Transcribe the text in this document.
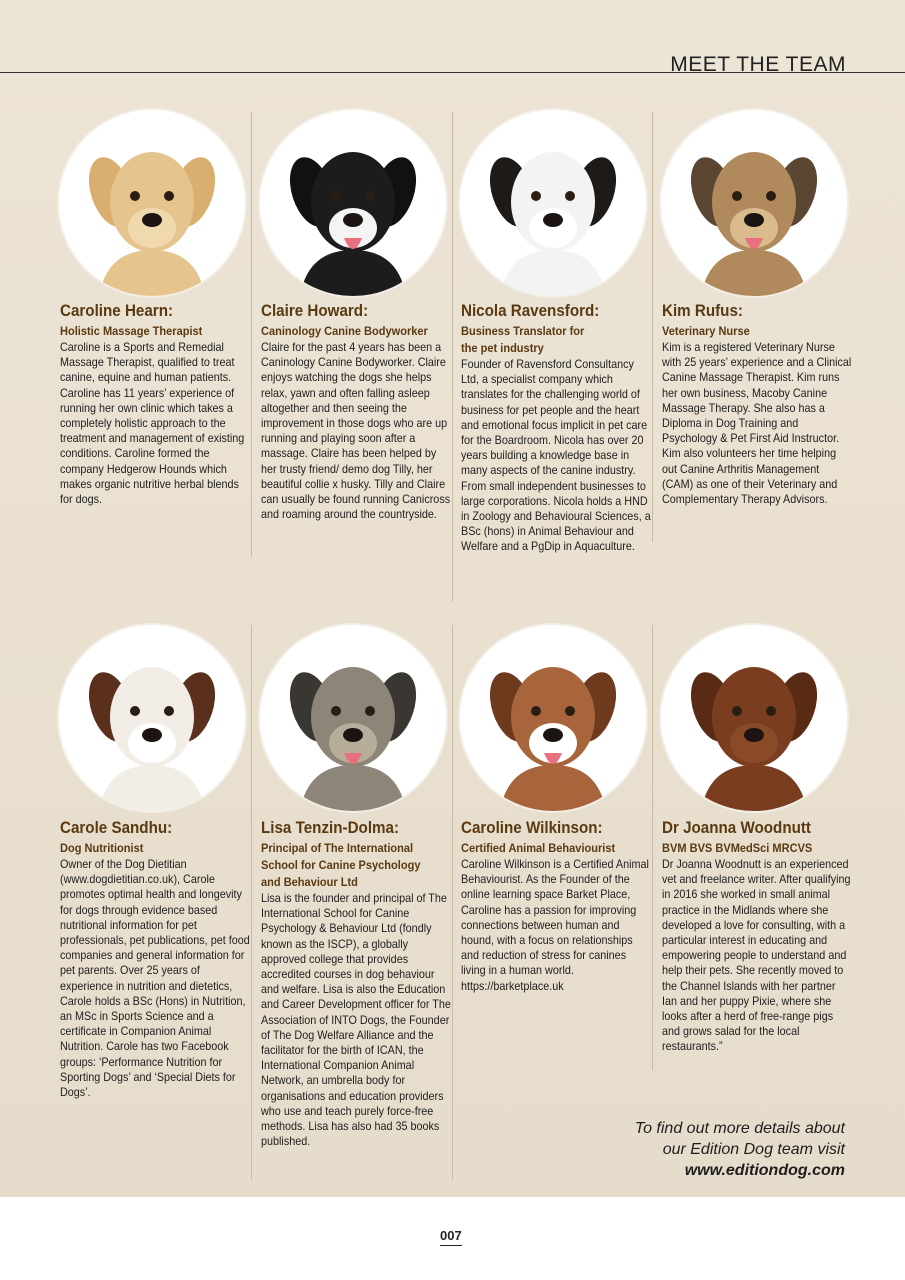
MEET THE TEAM
Caroline Hearn:
Holistic Massage Therapist
Caroline is a Sports and Remedial Massage Therapist, qualified to treat canine, equine and human patients. Caroline has 11 years’ experience of running her own clinic which takes a completely holistic approach to the treatment and management of existing conditions. Caroline formed the company Hedgerow Hounds which makes organic nutritive herbal blends for dogs.
Claire Howard:
Caninology Canine Bodyworker
Claire for the past 4 years has been a Caninology Canine Bodyworker. Claire enjoys watching the dogs she helps relax, yawn and often falling asleep altogether and then seeing the improvement in those dogs who are up running and playing soon after a massage. Claire has been helped by her trusty friend/ demo dog Tilly, her beautiful collie x husky. Tilly and Claire can usually be found running Canicross and roaming around the countryside.
Nicola Ravensford:
Business Translator for the pet industry
Founder of Ravensford Consultancy Ltd, a specialist company which translates for the challenging world of business for pet people and the heart and emotional focus implicit in pet care for the Boardroom. Nicola has over 20 years building a knowledge base in many aspects of the canine industry. From small independent businesses to large corporations. Nicola holds a HND in Zoology and Behavioural Sciences, a BSc (hons) in Animal Behaviour and Welfare and a PgDip in Aquaculture.
Kim Rufus:
Veterinary Nurse
Kim is a registered Veterinary Nurse with 25 years’ experience and a Clinical Canine Massage Therapist. Kim runs her own business, Macoby Canine Massage Therapy. She also has a Diploma in Dog Training and Psychology & Pet First Aid Instructor. Kim also volunteers her time helping out Canine Arthritis Management (CAM) as one of their Veterinary and Complementary Therapy Advisors.
Carole Sandhu:
Dog Nutritionist
Owner of the Dog Dietitian (www.dogdietitian.co.uk), Carole promotes optimal health and longevity for dogs through evidence based nutritional information for pet professionals, pet publications, pet food companies and general information for pet parents. Over 25 years of experience in nutrition and dietetics, Carole holds a BSc (Hons) in Nutrition, an MSc in Sports Science and a certificate in Companion Animal Nutrition. Carole has two Facebook groups: ‘Performance Nutrition for Sporting Dogs’ and ‘Special Diets for Dogs’.
Lisa Tenzin-Dolma:
Principal of The International School for Canine Psychology and Behaviour Ltd
Lisa is the founder and principal of The International School for Canine Psychology & Behaviour Ltd (fondly known as the ISCP), a globally approved college that provides accredited courses in dog behaviour and welfare. Lisa is also the Education and Career Development officer for The Association of INTO Dogs, the Founder of The Dog Welfare Alliance and the facilitator for the birth of ICAN, the International Companion Animal Network, an umbrella body for organisations and education providers who use and teach purely force-free methods. Lisa has also had 35 books published.
Caroline Wilkinson:
Certified Animal Behaviourist
Caroline Wilkinson is a Certified Animal Behaviourist. As the Founder of the online learning space Barket Place, Caroline has a passion for improving connections between human and hound, with a focus on relationships and reduction of stress for canines living in a human world. https://barketplace.uk
Dr Joanna Woodnutt
BVM BVS BVMedSci MRCVS
Dr Joanna Woodnutt is an experienced vet and freelance writer. After qualifying in 2016 she worked in small animal practice in the Midlands where she developed a love for consulting, with a particular interest in educating and empowering people to understand and help their pets. She recently moved to the Channel Islands with her partner Ian and her puppy Pixie, where she looks after a herd of free-range pigs and grows salad for the local restaurants.”
To find out more details about
our Edition Dog team visit
www.editiondog.com
007
